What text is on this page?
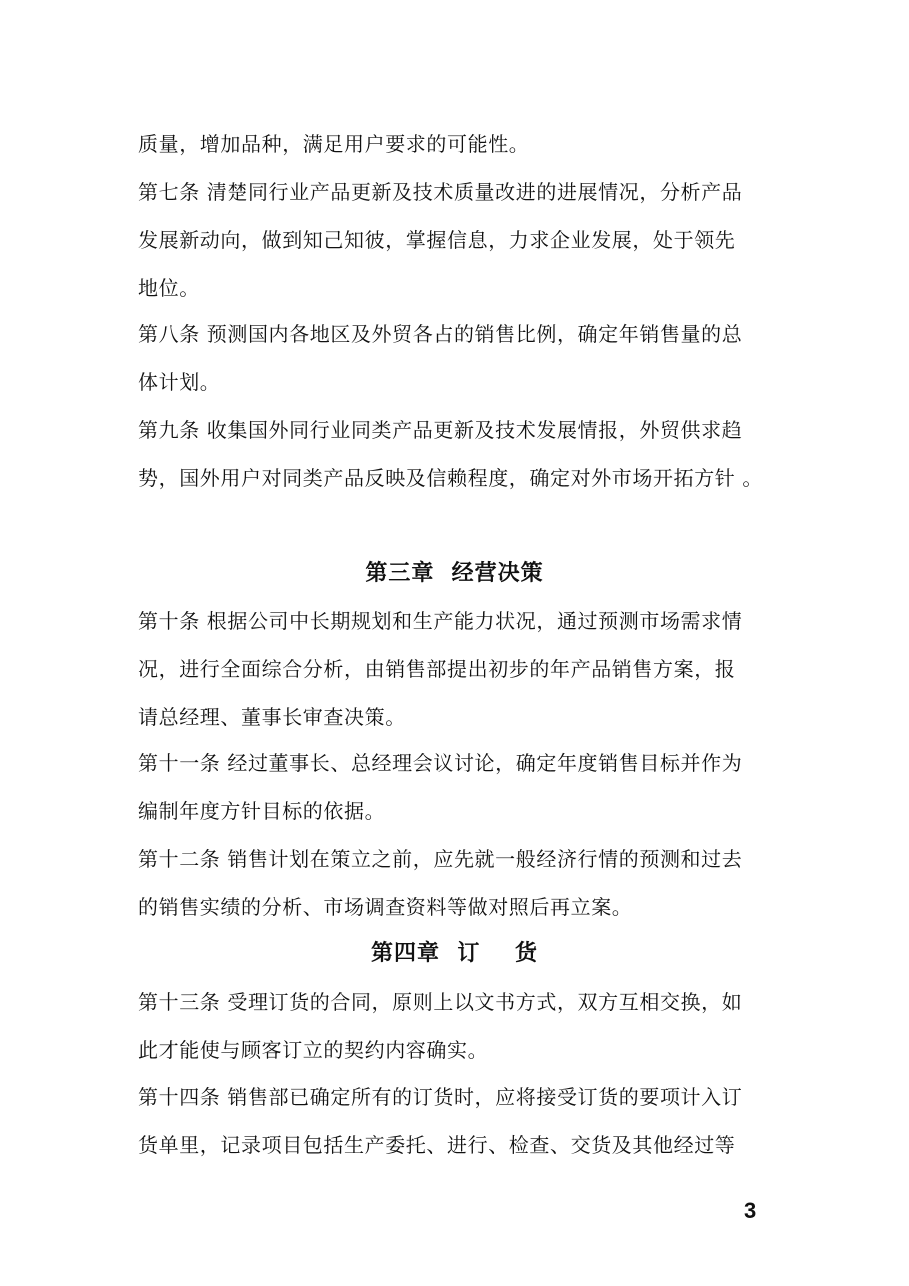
质量，增加品种，满足用户要求的可能性。
第七条 清楚同行业产品更新及技术质量改进的进展情况，分析产品
发展新动向，做到知己知彼，掌握信息，力求企业发展，处于领先
地位。
第八条 预测国内各地区及外贸各占的销售比例，确定年销售量的总
体计划。
第九条 收集国外同行业同类产品更新及技术发展情报，外贸供求趋
势，国外用户对同类产品反映及信赖程度，确定对外市场开拓方针 。
第三章  经营决策
第十条 根据公司中长期规划和生产能力状况，通过预测市场需求情
况，进行全面综合分析，由销售部提出初步的年产品销售方案，报
请总经理、董事长审查决策。
第十一条 经过董事长、总经理会议讨论，确定年度销售目标并作为
编制年度方针目标的依据。
第十二条 销售计划在策立之前，应先就一般经济行情的预测和过去
的销售实绩的分析、市场调查资料等做对照后再立案。
第四章  订    货
第十三条 受理订货的合同，原则上以文书方式，双方互相交换，如
此才能使与顾客订立的契约内容确实。
第十四条 销售部已确定所有的订货时，应将接受订货的要项计入订
货单里，记录项目包括生产委托、进行、检查、交货及其他经过等
3
